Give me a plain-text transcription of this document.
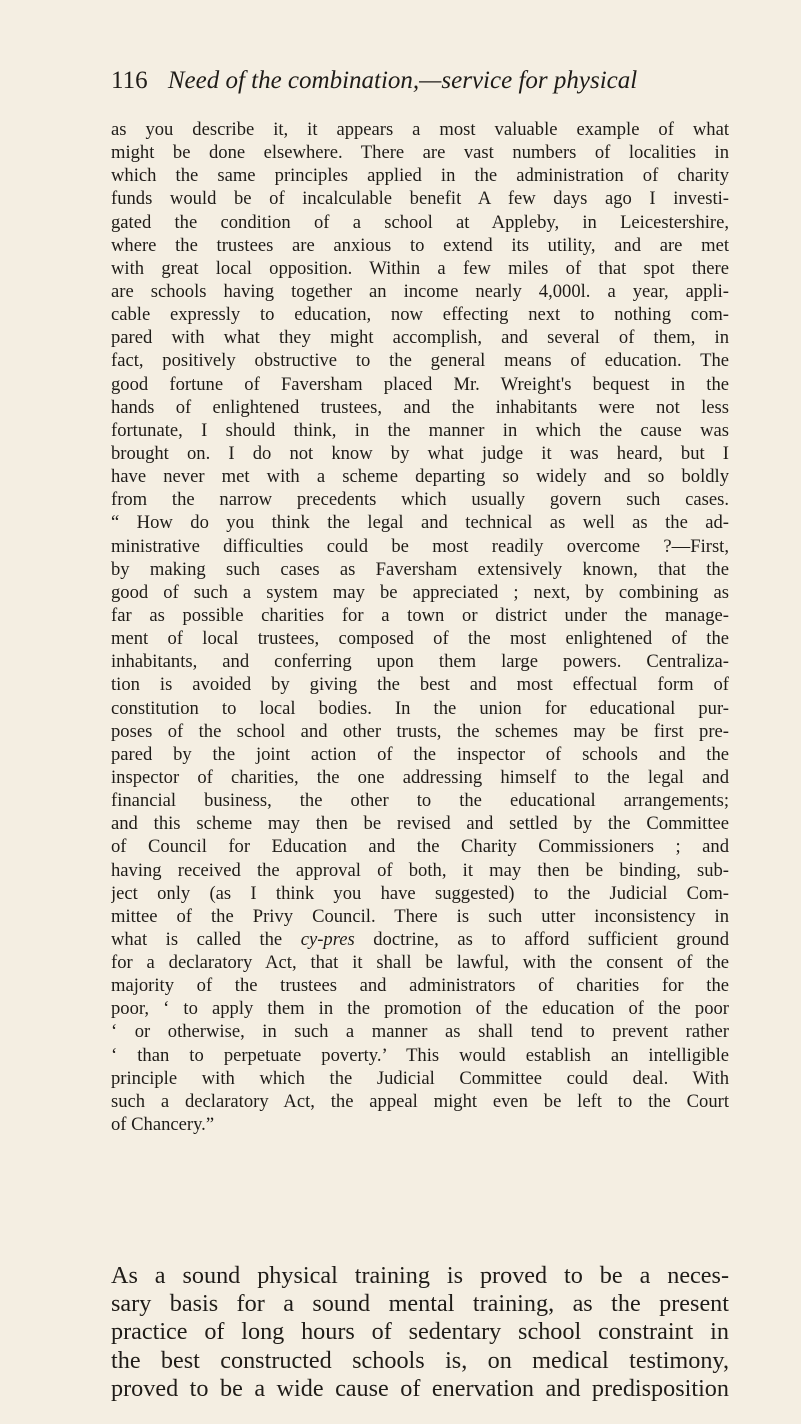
116 Need of the combination,—service for physical
as you describe it, it appears a most valuable example of what
might be done elsewhere. There are vast numbers of localities in
which the same principles applied in the administration of charity
funds would be of incalculable benefit A few days ago I investi-
gated the condition of a school at Appleby, in Leicestershire,
where the trustees are anxious to extend its utility, and are met
with great local opposition. Within a few miles of that spot there
are schools having together an income nearly 4,000l. a year, appli-
cable expressly to education, now effecting next to nothing com-
pared with what they might accomplish, and several of them, in
fact, positively obstructive to the general means of education. The
good fortune of Faversham placed Mr. Wreight's bequest in the
hands of enlightened trustees, and the inhabitants were not less
fortunate, I should think, in the manner in which the cause was
brought on. I do not know by what judge it was heard, but I
have never met with a scheme departing so widely and so boldly
from the narrow precedents which usually govern such cases.
“ How do you think the legal and technical as well as the ad-
ministrative difficulties could be most readily overcome ?—First,
by making such cases as Faversham extensively known, that the
good of such a system may be appreciated ; next, by combining as
far as possible charities for a town or district under the manage-
ment of local trustees, composed of the most enlightened of the
inhabitants, and conferring upon them large powers. Centraliza-
tion is avoided by giving the best and most effectual form of
constitution to local bodies. In the union for educational pur-
poses of the school and other trusts, the schemes may be first pre-
pared by the joint action of the inspector of schools and the
inspector of charities, the one addressing himself to the legal and
financial business, the other to the educational arrangements;
and this scheme may then be revised and settled by the Committee
of Council for Education and the Charity Commissioners ; and
having received the approval of both, it may then be binding, sub-
ject only (as I think you have suggested) to the Judicial Com-
mittee of the Privy Council. There is such utter inconsistency in
what is called the cy-pres doctrine, as to afford sufficient ground
for a declaratory Act, that it shall be lawful, with the consent of the
majority of the trustees and administrators of charities for the
poor, ‘ to apply them in the promotion of the education of the poor
‘ or otherwise, in such a manner as shall tend to prevent rather
‘ than to perpetuate poverty.’ This would establish an intelligible
principle with which the Judicial Committee could deal. With
such a declaratory Act, the appeal might even be left to the Court
of Chancery.”
As a sound physical training is proved to be a neces-
sary basis for a sound mental training, as the present
practice of long hours of sedentary school constraint in
the best constructed schools is, on medical testimony,
proved to be a wide cause of enervation and predisposition
